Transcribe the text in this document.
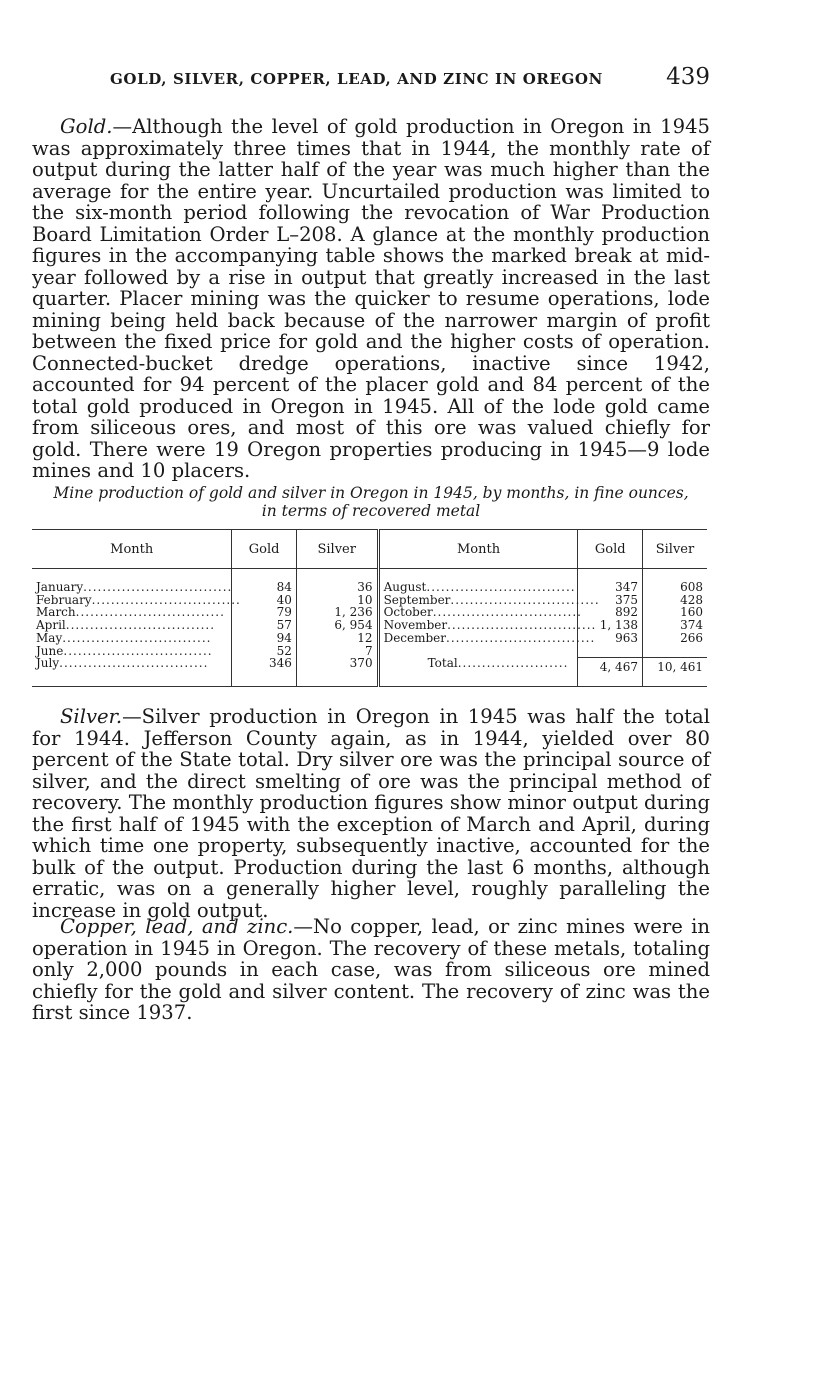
GOLD, SILVER, COPPER, LEAD, AND ZINC IN OREGON	439

Gold.—Although the level of gold production in Oregon in 1945 was approximately three times that in 1944, the monthly rate of output during the latter half of the year was much higher than the average for the entire year. Uncurtailed production was limited to the six-month period following the revocation of War Production Board Limitation Order L–208. A glance at the monthly production figures in the accompanying table shows the marked break at mid-year followed by a rise in output that greatly increased in the last quarter. Placer mining was the quicker to resume operations, lode mining being held back because of the narrower margin of profit between the fixed price for gold and the higher costs of operation. Connected-bucket dredge operations, inactive since 1942, accounted for 94 percent of the placer gold and 84 percent of the total gold produced in Oregon in 1945. All of the lode gold came from siliceous ores, and most of this ore was valued chiefly for gold. There were 19 Oregon properties producing in 1945—9 lode mines and 10 placers.

Mine production of gold and silver in Oregon in 1945, by months, in fine ounces,
in terms of recovered metal
Month	Gold	Silver	Month	Gold	Silver

January...............................	84	36	August...............................	347	608
February...............................	40	10	September...............................	375	428
March...............................	79	1, 236	October...............................	892	160
April...............................	57	6, 954	November...............................	1, 138	374
May...............................	94	12	December...............................	963	266
June...............................	52	7			
July...............................	346	370	Total.......................	4, 467	10, 461

Silver.—Silver production in Oregon in 1945 was half the total for 1944. Jefferson County again, as in 1944, yielded over 80 percent of the State total. Dry silver ore was the principal source of silver, and the direct smelting of ore was the principal method of recovery. The monthly production figures show minor output during the first half of 1945 with the exception of March and April, during which time one property, subsequently inactive, accounted for the bulk of the output. Production during the last 6 months, although erratic, was on a generally higher level, roughly paralleling the increase in gold output.

Copper, lead, and zinc.—No copper, lead, or zinc mines were in operation in 1945 in Oregon. The recovery of these metals, totaling only 2,000 pounds in each case, was from siliceous ore mined chiefly for the gold and silver content. The recovery of zinc was the first since 1937.
